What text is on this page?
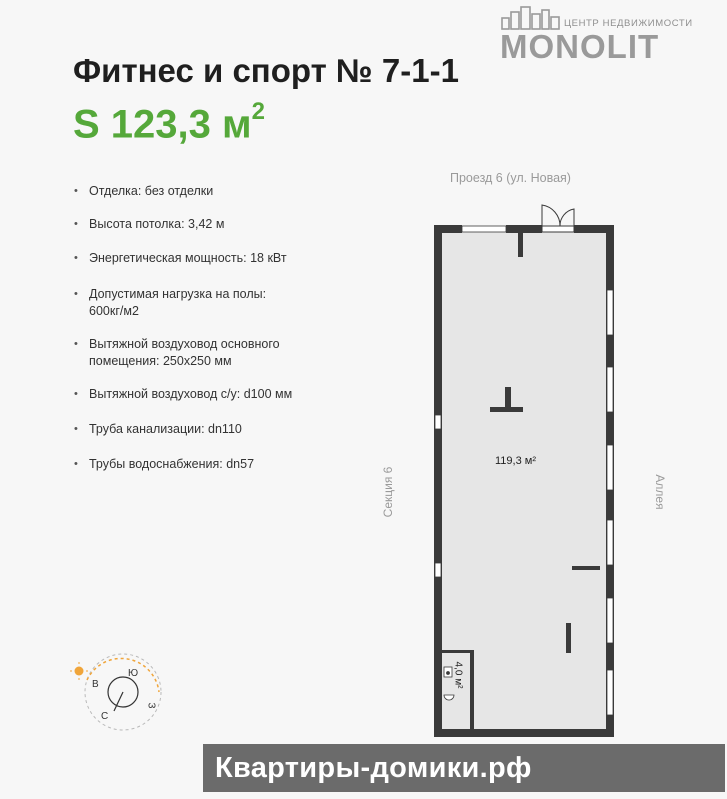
ЦЕНТР НЕДВИЖИМОСТИ
MONOLIT
Фитнес и спорт № 7-1-1
S 123,3 $м^2$
• Отделка: без отделки
• Высота потолка: 3,42 м
• Энергетическая мощность: 18 кВт
• Допустимая нагрузка на полы:
600кг/м2
• Вытяжной воздуховод основного
помещения: 250х250 мм
• Вытяжной воздуховод с/у: d100 мм
• Труба канализации: dn110
• Трубы водоснабжения: dn57
Проезд 6 (ул. Новая)
Секция 6	Аллея
119,3 м²
4,0 м²
Ю
В
З
С
Квартиры-домики.рф
